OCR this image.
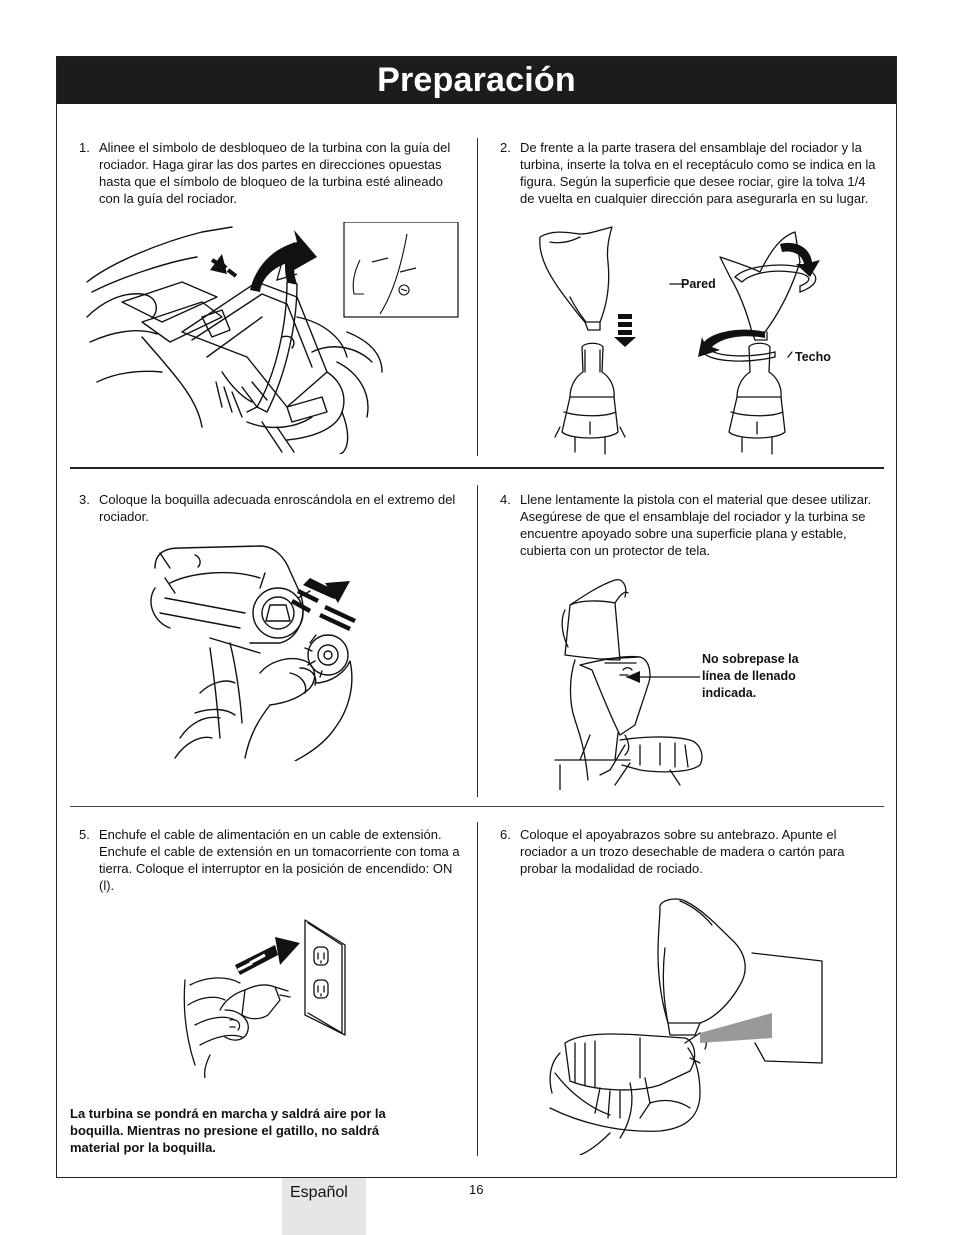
Preparación
1. Alinee el símbolo de desbloqueo de la turbina con la guía del rociador. Haga girar las dos partes en direcciones opuestas hasta que el símbolo de bloqueo de la turbina esté alineado con la guía del rociador.
2. De frente a la parte trasera del ensamblaje del rociador y la turbina, inserte la tolva en el receptáculo como se indica en la figura. Según la superficie que desee rociar, gire la tolva 1/4 de vuelta en cualquier dirección para asegurarla en su lugar.
3. Coloque la boquilla adecuada enroscándola en el extremo del rociador.
4. Llene lentamente la pistola con el material que desee utilizar. Asegúrese de que el ensamblaje del rociador y la turbina se encuentre apoyado sobre una superficie plana y estable, cubierta con un protector de tela.
5. Enchufe el cable de alimentación en un cable de extensión. Enchufe el cable de extensión en un tomacorriente con toma a tierra. Coloque el interruptor en la posición de encendido: ON (l).
6. Coloque el apoyabrazos sobre su antebrazo. Apunte el rociador a un trozo desechable de madera o cartón para probar la modalidad de rociado.
Pared
Techo
No sobrepase la
línea de llenado
indicada.
La turbina se pondrá en marcha y saldrá aire por la
boquilla. Mientras no presione el gatillo, no saldrá
material por la boquilla.
Español	16
